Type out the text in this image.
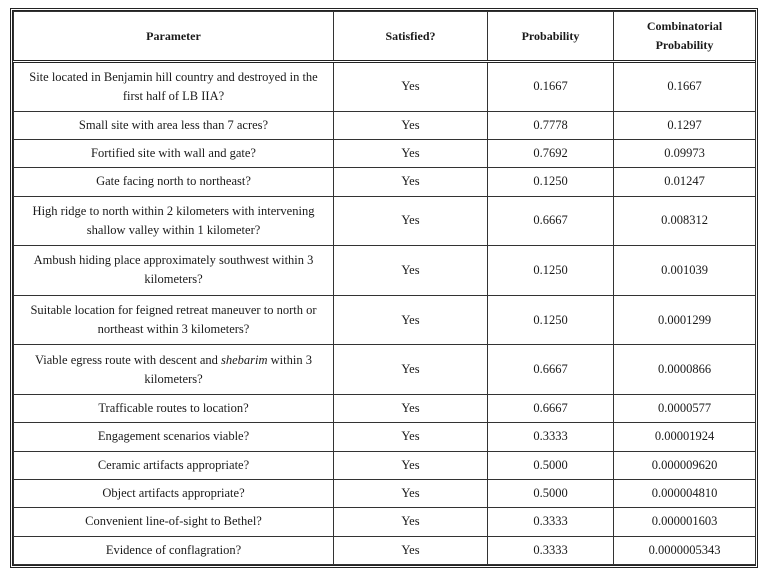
Parameter	Satisfied?	Probability	Combinatorial Probability
Site located in Benjamin hill country and destroyed in the first half of LB IIA?	Yes	0.1667	0.1667
Small site with area less than 7 acres?	Yes	0.7778	0.1297
Fortified site with wall and gate?	Yes	0.7692	0.09973
Gate facing north to northeast?	Yes	0.1250	0.01247
High ridge to north within 2 kilometers with intervening shallow valley within 1 kilometer?	Yes	0.6667	0.008312
Ambush hiding place approximately southwest within 3 kilometers?	Yes	0.1250	0.001039
Suitable location for feigned retreat maneuver to north or northeast within 3 kilometers?	Yes	0.1250	0.0001299
Viable egress route with descent and shebarim within 3 kilometers?	Yes	0.6667	0.0000866
Trafficable routes to location?	Yes	0.6667	0.0000577
Engagement scenarios viable?	Yes	0.3333	0.00001924
Ceramic artifacts appropriate?	Yes	0.5000	0.000009620
Object artifacts appropriate?	Yes	0.5000	0.000004810
Convenient line-of-sight to Bethel?	Yes	0.3333	0.000001603
Evidence of conflagration?	Yes	0.3333	0.0000005343
